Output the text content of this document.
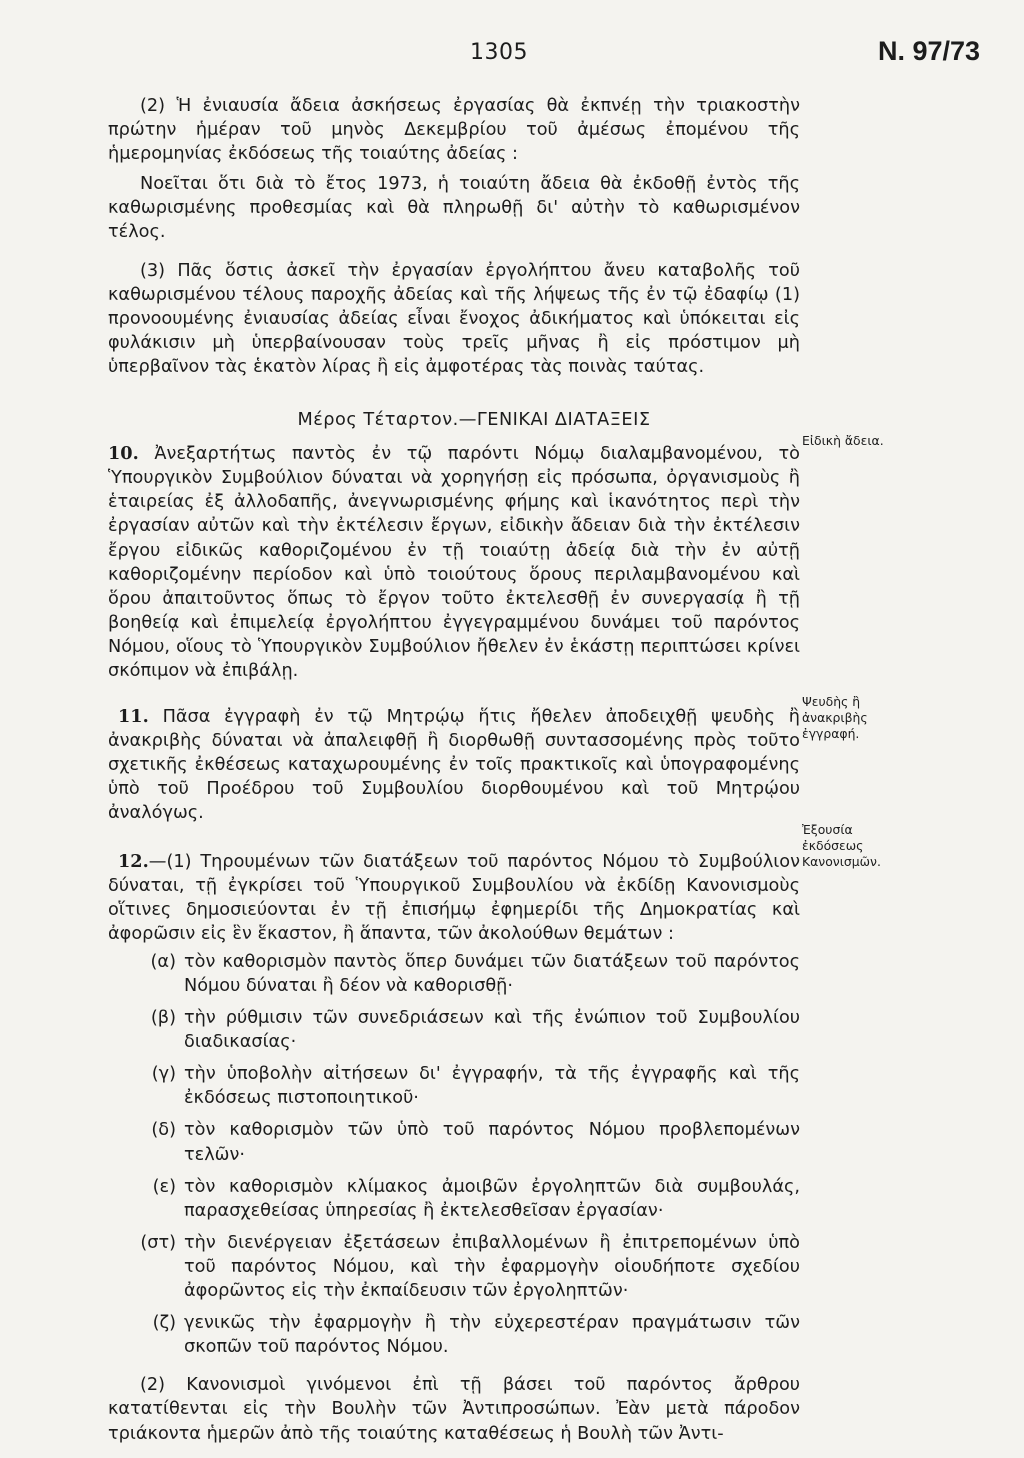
1305	Ν. 97/73

(2) Ἡ ἐνιαυσία ἄδεια ἀσκήσεως ἐργασίας θὰ ἐκπνέῃ τὴν τριακοστὴν πρώτην ἡμέραν τοῦ μηνὸς Δεκεμβρίου τοῦ ἀμέσως ἐπομένου τῆς ἡμερομηνίας ἐκδόσεως τῆς τοιαύτης ἀδείας :

Νοεῖται ὅτι διὰ τὸ ἔτος 1973, ἡ τοιαύτη ἄδεια θὰ ἐκδοθῇ ἐντὸς τῆς καθωρισμένης προθεσμίας καὶ θὰ πληρωθῇ δι' αὐτὴν τὸ καθωρισμένον τέλος.

(3) Πᾶς ὅστις ἀσκεῖ τὴν ἐργασίαν ἐργολήπτου ἄνευ καταβολῆς τοῦ καθωρισμένου τέλους παροχῆς ἀδείας καὶ τῆς λήψεως τῆς ἐν τῷ ἐδαφίῳ (1) προνοουμένης ἐνιαυσίας ἀδείας εἶναι ἔνοχος ἀδικήματος καὶ ὑπόκειται εἰς φυλάκισιν μὴ ὑπερβαίνουσαν τοὺς τρεῖς μῆνας ἢ εἰς πρόστιμον μὴ ὑπερβαῖνον τὰς ἑκατὸν λίρας ἢ εἰς ἀμφοτέρας τὰς ποινὰς ταύτας.

Μέρος Τέταρτον.—ΓΕΝΙΚΑΙ ΔΙΑΤΑΞΕΙΣ

10. Ἀνεξαρτήτως παντὸς ἐν τῷ παρόντι Νόμῳ διαλαμβανομένου, τὸ Ὑπουργικὸν Συμβούλιον δύναται νὰ χορηγήσῃ εἰς πρόσωπα, ὀργανισμοὺς ἢ ἑταιρείας ἐξ ἀλλοδαπῆς, ἀνεγνωρισμένης φήμης καὶ ἱκανότητος περὶ τὴν ἐργασίαν αὐτῶν καὶ τὴν ἐκτέλεσιν ἔργων, εἰδικὴν ἄδειαν διὰ τὴν ἐκτέλεσιν ἔργου εἰδικῶς καθοριζομένου ἐν τῇ τοιαύτῃ ἀδείᾳ διὰ τὴν ἐν αὐτῇ καθοριζομένην περίοδον καὶ ὑπὸ τοιούτους ὅρους περιλαμβανομένου καὶ ὅρου ἀπαιτοῦντος ὅπως τὸ ἔργον τοῦτο ἐκτελεσθῇ ἐν συνεργασίᾳ ἢ τῇ βοηθείᾳ καὶ ἐπιμελείᾳ ἐργολήπτου ἐγγεγραμμένου δυνάμει τοῦ παρόντος Νόμου, οἵους τὸ Ὑπουργικὸν Συμβούλιον ἤθελεν ἐν ἑκάστῃ περιπτώσει κρίνει σκόπιμον νὰ ἐπιβάλῃ.

11. Πᾶσα ἐγγραφὴ ἐν τῷ Μητρῴῳ ἥτις ἤθελεν ἀποδειχθῇ ψευδὴς ἢ ἀνακριβὴς δύναται νὰ ἀπαλειφθῇ ἢ διορθωθῇ συντασσομένης πρὸς τοῦτο σχετικῆς ἐκθέσεως καταχωρουμένης ἐν τοῖς πρακτικοῖς καὶ ὑπογραφομένης ὑπὸ τοῦ Προέδρου τοῦ Συμβουλίου διορθουμένου καὶ τοῦ Μητρῴου ἀναλόγως.

12.—(1) Τηρουμένων τῶν διατάξεων τοῦ παρόντος Νόμου τὸ Συμβούλιον δύναται, τῇ ἐγκρίσει τοῦ Ὑπουργικοῦ Συμβουλίου νὰ ἐκδίδῃ Κανονισμοὺς οἵτινες δημοσιεύονται ἐν τῇ ἐπισήμῳ ἐφημερίδι τῆς Δημοκρατίας καὶ ἀφορῶσιν εἰς ἓν ἕκαστον, ἢ ἅπαντα, τῶν ἀκολούθων θεμάτων :

(α) τὸν καθορισμὸν παντὸς ὅπερ δυνάμει τῶν διατάξεων τοῦ παρόντος Νόμου δύναται ἢ δέον νὰ καθορισθῇ·
(β) τὴν ρύθμισιν τῶν συνεδριάσεων καὶ τῆς ἐνώπιον τοῦ Συμβουλίου διαδικασίας·
(γ) τὴν ὑποβολὴν αἰτήσεων δι' ἐγγραφήν, τὰ τῆς ἐγγραφῆς καὶ τῆς ἐκδόσεως πιστοποιητικοῦ·
(δ) τὸν καθορισμὸν τῶν ὑπὸ τοῦ παρόντος Νόμου προβλεπομένων τελῶν·
(ε) τὸν καθορισμὸν κλίμακος ἀμοιβῶν ἐργοληπτῶν διὰ συμβουλάς, παρασχεθείσας ὑπηρεσίας ἢ ἐκτελεσθεῖσαν ἐργασίαν·
(στ) τὴν διενέργειαν ἐξετάσεων ἐπιβαλλομένων ἢ ἐπιτρεπομένων ὑπὸ τοῦ παρόντος Νόμου, καὶ τὴν ἐφαρμογὴν οἱουδήποτε σχεδίου ἀφορῶντος εἰς τὴν ἐκπαίδευσιν τῶν ἐργοληπτῶν·
(ζ) γενικῶς τὴν ἐφαρμογὴν ἢ τὴν εὐχερεστέραν πραγμάτωσιν τῶν σκοπῶν τοῦ παρόντος Νόμου.

(2) Κανονισμοὶ γινόμενοι ἐπὶ τῇ βάσει τοῦ παρόντος ἄρθρου κατατίθενται εἰς τὴν Βουλὴν τῶν Ἀντιπροσώπων. Ἐὰν μετὰ πάροδον τριάκοντα ἡμερῶν ἀπὸ τῆς τοιαύτης καταθέσεως ἡ Βουλὴ τῶν Ἀντι-

Εἰδικὴ ἄδεια.
Ψευδὴς ἢ ἀνακριβὴς ἐγγραφή.
Ἐξουσία ἐκδόσεως Κανονισμῶν.
